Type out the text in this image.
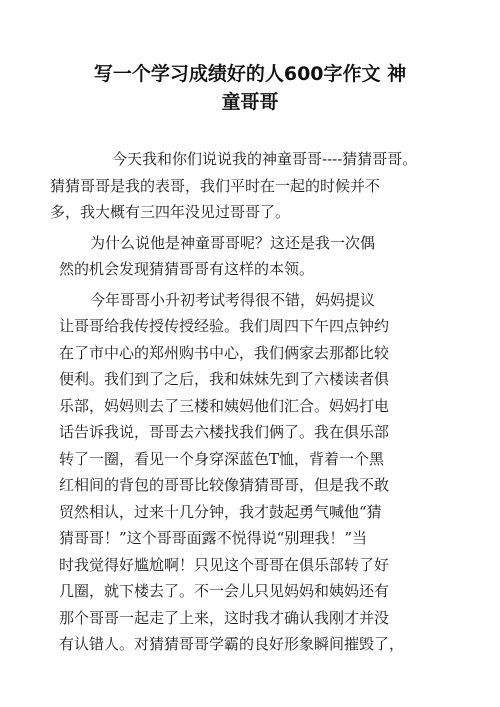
写一个学习成绩好的人600字作文 神
童哥哥
今天我和你们说说我的神童哥哥----猜猜哥哥。
猜猜哥哥是我的表哥，我们平时在一起的时候并不
多，我大概有三四年没见过哥哥了。
为什么说他是神童哥哥呢？这还是我一次偶
然的机会发现猜猜哥哥有这样的本领。
今年哥哥小升初考试考得很不错，妈妈提议
让哥哥给我传授传授经验。我们周四下午四点钟约
在了市中心的郑州购书中心，我们俩家去那都比较
便利。我们到了之后，我和妹妹先到了六楼读者俱
乐部，妈妈则去了三楼和姨妈他们汇合。妈妈打电
话告诉我说，哥哥去六楼找我们俩了。我在俱乐部
转了一圈，看见一个身穿深蓝色T恤，背着一个黑
红相间的背包的哥哥比较像猜猜哥哥，但是我不敢
贸然相认，过来十几分钟，我才鼓起勇气喊他“猜
猜哥哥！”这个哥哥面露不悦得说“别理我！”当
时我觉得好尴尬啊！只见这个哥哥在俱乐部转了好
几圈，就下楼去了。不一会儿只见妈妈和姨妈还有
那个哥哥一起走了上来，这时我才确认我刚才并没
有认错人。对猜猜哥哥学霸的良好形象瞬间摧毁了，
